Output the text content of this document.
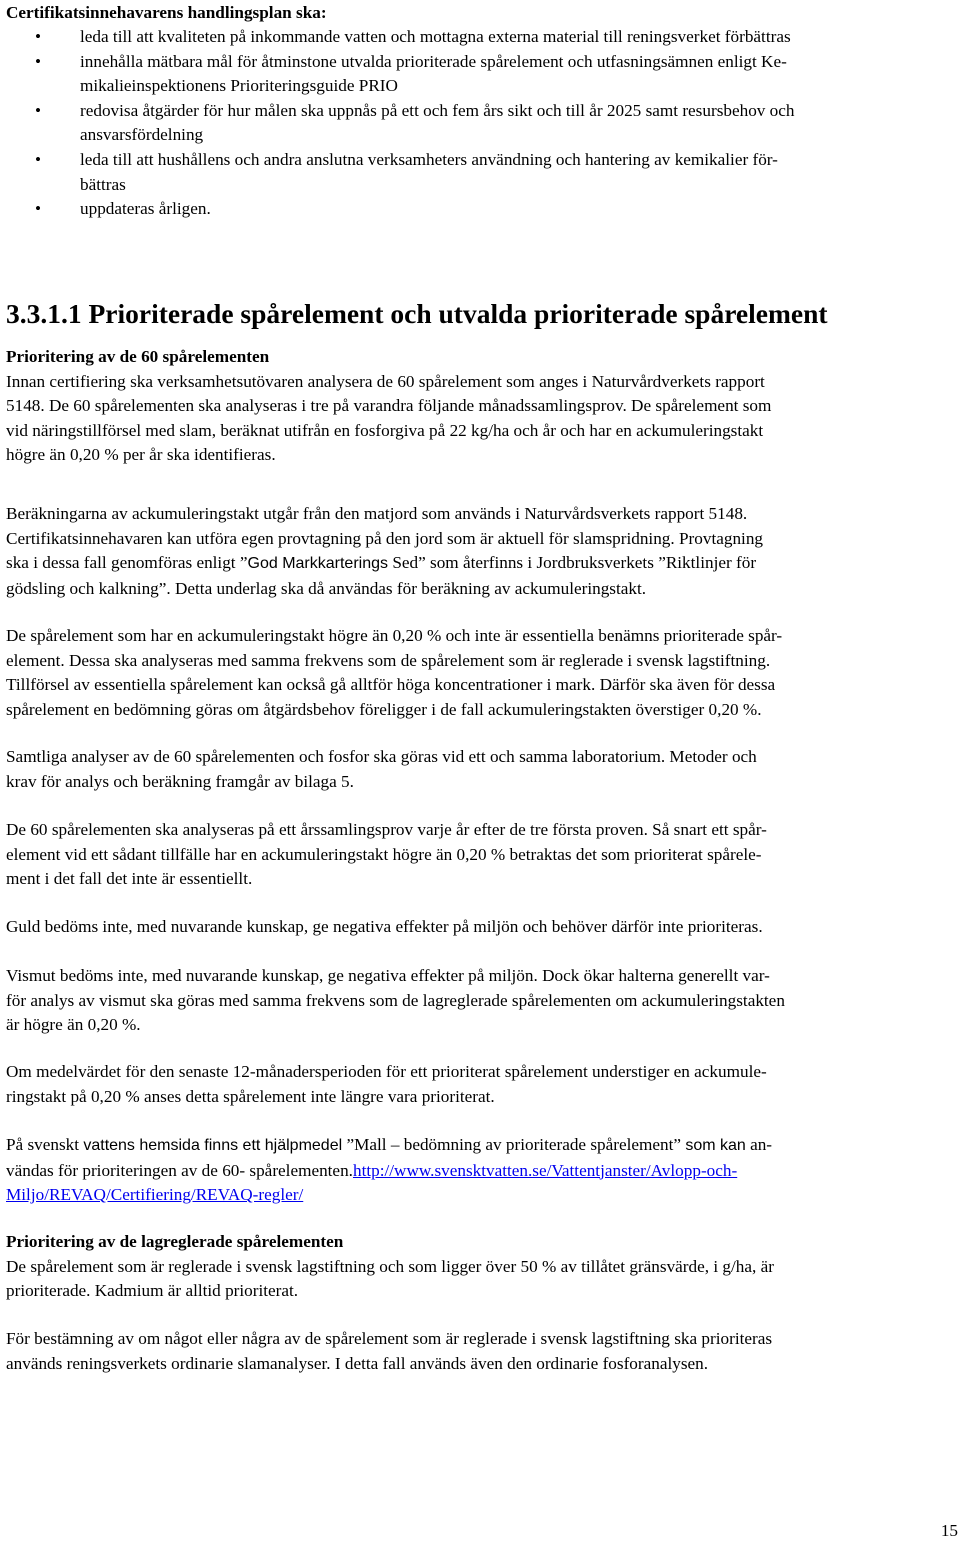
Certifikatsinnehavarens handlingsplan ska:
• leda till att kvaliteten på inkommande vatten och mottagna externa material till reningsverket förbättras
• innehålla mätbara mål för åtminstone utvalda prioriterade spårelement och utfasningsämnen enligt Ke-
mikalieinspektionens Prioriteringsguide PRIO
• redovisa åtgärder för hur målen ska uppnås på ett och fem års sikt och till år 2025 samt resursbehov och
ansvarsfördelning
• leda till att hushållens och andra anslutna verksamheters användning och hantering av kemikalier för-
bättras
• uppdateras årligen.
3.3.1.1 Prioriterade spårelement och utvalda prioriterade spårelement
Prioritering av de 60 spårelementen
Innan certifiering ska verksamhetsutövaren analysera de 60 spårelement som anges i Naturvårdverkets rapport
5148. De 60 spårelementen ska analyseras i tre på varandra följande månadssamlingsprov. De spårelement som
vid näringstillförsel med slam, beräknat utifrån en fosforgiva på 22 kg/ha och år och har en ackumuleringstakt
högre än 0,20 % per år ska identifieras.
Beräkningarna av ackumuleringstakt utgår från den matjord som används i Naturvårdsverkets rapport 5148.
Certifikatsinnehavaren kan utföra egen provtagning på den jord som är aktuell för slamspridning. Provtagning
ska i dessa fall genomföras enligt ”God Markkarterings Sed” som återfinns i Jordbruksverkets ”Riktlinjer för
gödsling och kalkning”. Detta underlag ska då användas för beräkning av ackumuleringstakt.
De spårelement som har en ackumuleringstakt högre än 0,20 % och inte är essentiella benämns prioriterade spår-
element. Dessa ska analyseras med samma frekvens som de spårelement som är reglerade i svensk lagstiftning.
Tillförsel av essentiella spårelement kan också gå alltför höga koncentrationer i mark. Därför ska även för dessa
spårelement en bedömning göras om åtgärdsbehov föreligger i de fall ackumuleringstakten överstiger 0,20 %.
Samtliga analyser av de 60 spårelementen och fosfor ska göras vid ett och samma laboratorium. Metoder och
krav för analys och beräkning framgår av bilaga 5.
De 60 spårelementen ska analyseras på ett årssamlingsprov varje år efter de tre första proven. Så snart ett spår-
element vid ett sådant tillfälle har en ackumuleringstakt högre än 0,20 % betraktas det som prioriterat spårele-
ment i det fall det inte är essentiellt.
Guld bedöms inte, med nuvarande kunskap, ge negativa effekter på miljön och behöver därför inte prioriteras.
Vismut bedöms inte, med nuvarande kunskap, ge negativa effekter på miljön. Dock ökar halterna generellt var-
för analys av vismut ska göras med samma frekvens som de lagreglerade spårelementen om ackumuleringstakten
är högre än 0,20 %.
Om medelvärdet för den senaste 12-månadersperioden för ett prioriterat spårelement understiger en ackumule-
ringstakt på 0,20 % anses detta spårelement inte längre vara prioriterat.
På svenskt vattens hemsida finns ett hjälpmedel ”Mall – bedömning av prioriterade spårelement” som kan an-
vändas för prioriteringen av de 60- spårelementen.http://www.svensktvatten.se/Vattentjanster/Avlopp-och-
Miljo/REVAQ/Certifiering/REVAQ-regler/
Prioritering av de lagreglerade spårelementen
De spårelement som är reglerade i svensk lagstiftning och som ligger över 50 % av tillåtet gränsvärde, i g/ha, är
prioriterade. Kadmium är alltid prioriterat.
För bestämning av om något eller några av de spårelement som är reglerade i svensk lagstiftning ska prioriteras
används reningsverkets ordinarie slamanalyser. I detta fall används även den ordinarie fosforanalysen.
15
